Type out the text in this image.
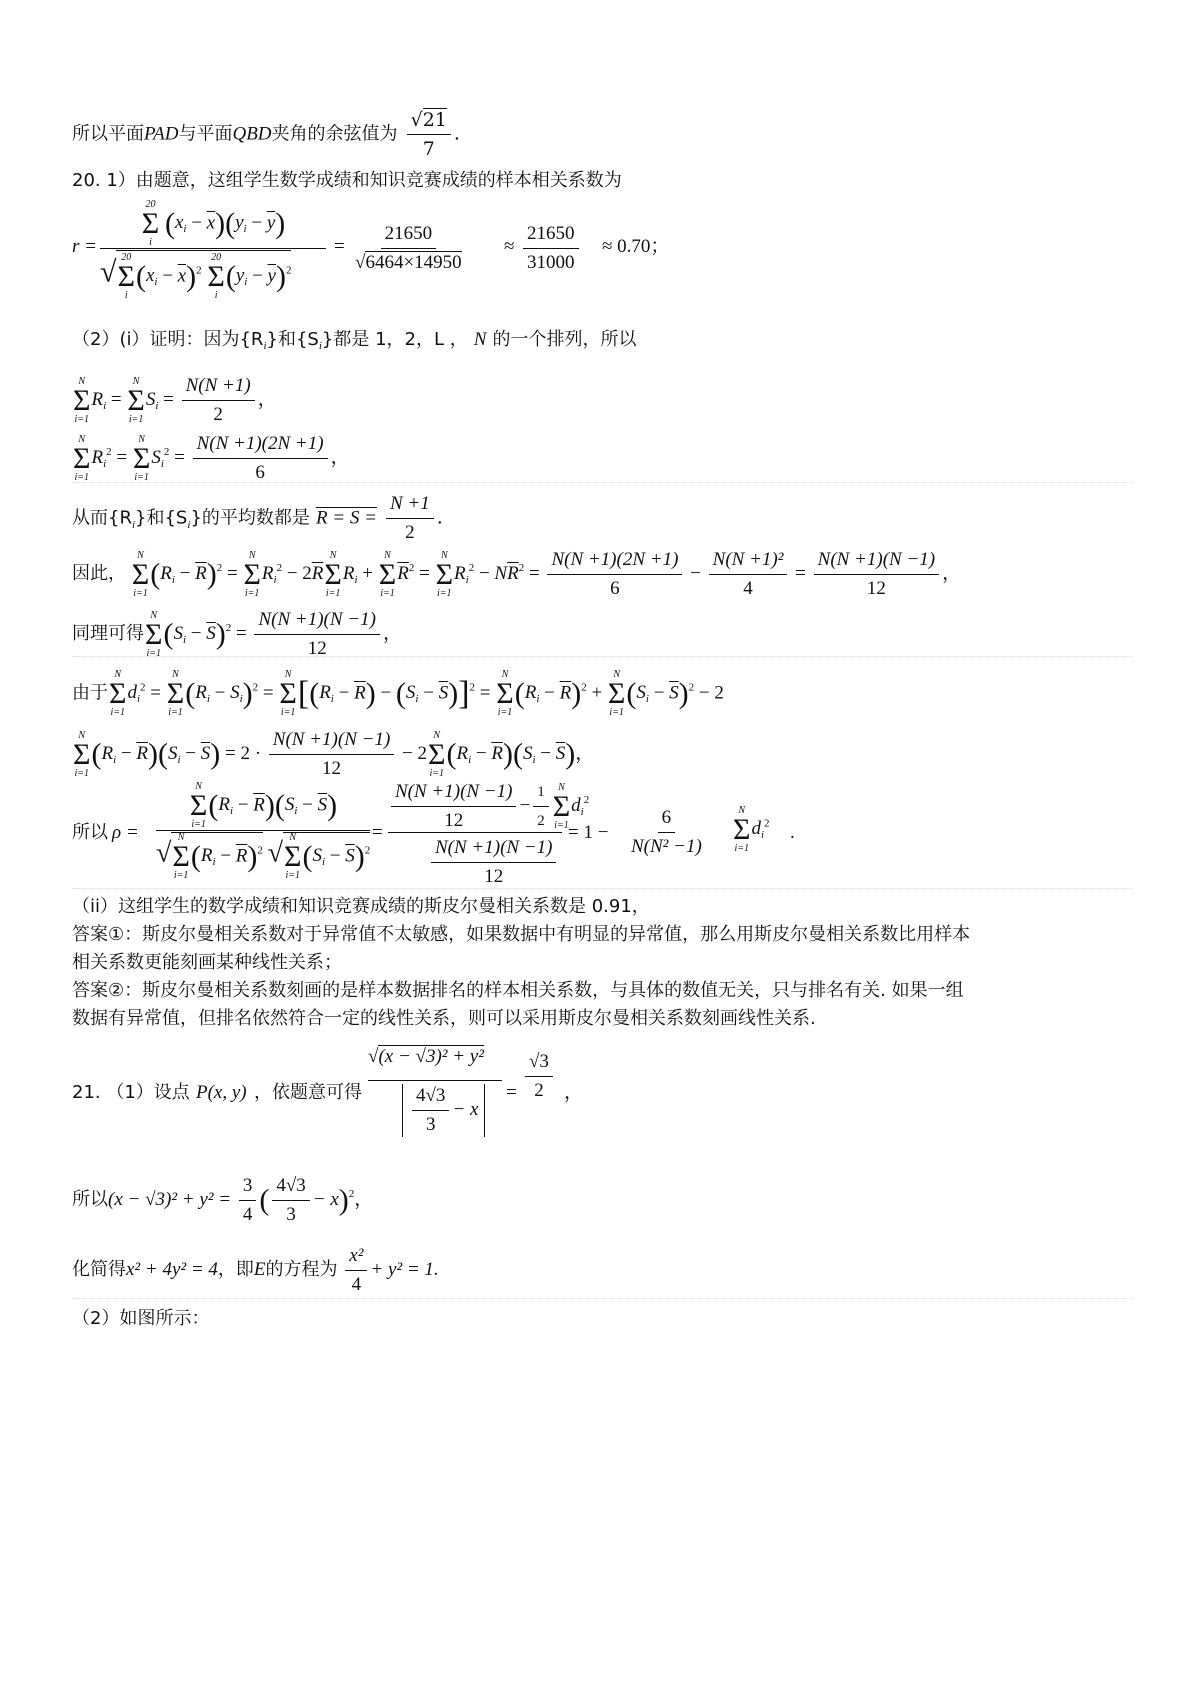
所以平面PAD与平面QBD夹角的余弦值为 $\frac{√21}{7}$ .
20. 1）由题意，这组学生数学成绩和知识竞赛成绩的样本相关系数为
r =
20
Σ
i
$(x_i - \overline{x})(y_i - \overline{y})$
√ 20
Σ
i
$(x_i - \overline{x})^2$
20
Σ
i
$(y_i - \overline{y})^2$
= $\frac{21650}{√6464\times 14950} \approx \frac{21650}{31000} \approx 0.70$；
（2）(i）证明：因为$\{R_i\}$和$\{S_i\}$都是 1，2，L ， N 的一个排列，所以
N
Σ
i=1
$R_i$ =
N
Σ
i=1
$S_i = \frac{N(N +1)}{2}$ ，
N
Σ
i=1
$R_i^2$ =
N
Σ
i=1
$S_i^2 = \frac{N(N +1)(2N +1)}{6}$ ，
从而$\{R_i\}$和$\{S_i\}$的平均数都是 $R = S = \frac{N +1}{2}$ .
因此，
N
Σ
i=1
$(R_i - \overline{R})^2$ =
N
Σ
i=1
$R_i^2 - 2\overline{R}$
N
Σ
i=1
$R_i$ +
N
Σ
i=1
$\overline{R}^2$ =
N
Σ
i=1
$R_i^2 - N\overline{R}^2 = \frac{N(N +1)(2N +1)}{6} - \frac{\text{N(N +1)²}}{4} = \frac{N(N +1)(N -1)}{12}$ ，
同理可得
N
Σ
i=1
$(S_i - \overline{S})^2 = \frac{N(N +1)(N -1)}{12}$ ，
由于
N
Σ
i=1
$d_i^2$ =
N
Σ
i=1
$(R_i - S_i)^2$ =
N
Σ
i=1
$[(R_i - \overline{R}) - (S_i - \overline{S})]^2$ =
N
Σ
i=1
$(R_i - \overline{R})^2$ +
N
Σ
i=1
$(S_i - \overline{S})^2 - 2$
N
Σ
i=1
$(R_i - \overline{R})(S_i - \overline{S}) = 2 \cdot \frac{N(N +1)(N -1)}{12} - 2$
N
Σ
i=1
$(R_i - \overline{R})(S_i - \overline{S})$，
所以 ρ =
N
Σ
i=1
$(R_i - \overline{R})(S_i - \overline{S})$
√ N
Σ
i=1
$(R_i - \overline{R})^2$ √ N
Σ
i=1
$(S_i - \overline{S})^2$
= $\frac{N(N +1)(N -1)}{12} - \frac{1}{2}$ N
Σ
i=1
$d_i^2$
$\frac{N(N +1)(N -1)}{12}$
= $1 - \frac{6}{\text{N(N² −1)}}$	N
Σ
i=1
$d_i^2$ .
（ii）这组学生的数学成绩和知识竞赛成绩的斯皮尔曼相关系数是 0.91，
答案①：斯皮尔曼相关系数对于异常值不太敏感，如果数据中有明显的异常值，那么用斯皮尔曼相关系数比用样本
相关系数更能刻画某种线性关系；
答案②：斯皮尔曼相关系数刻画的是样本数据排名的样本相关系数，与具体的数值无关，只与排名有关. 如果一组
数据有异常值，但排名依然符合一定的线性关系，则可以采用斯皮尔曼相关系数刻画线性关系.
21. （1）设点 P(x, y) ，依题意可得
√(x − √3)² + y²
$\frac{4√3}{3} - x$
= $\frac{√3}{2}$ ，
所以$(x - √3)^2 + y^2 = \frac{3}{4}$ ( $\frac{4√3}{3} - x)^2$，
化简得x² + 4y² = 4，即E的方程为 $\frac{\text{x²}}{4} + y^2 = 1$.
（2）如图所示：
